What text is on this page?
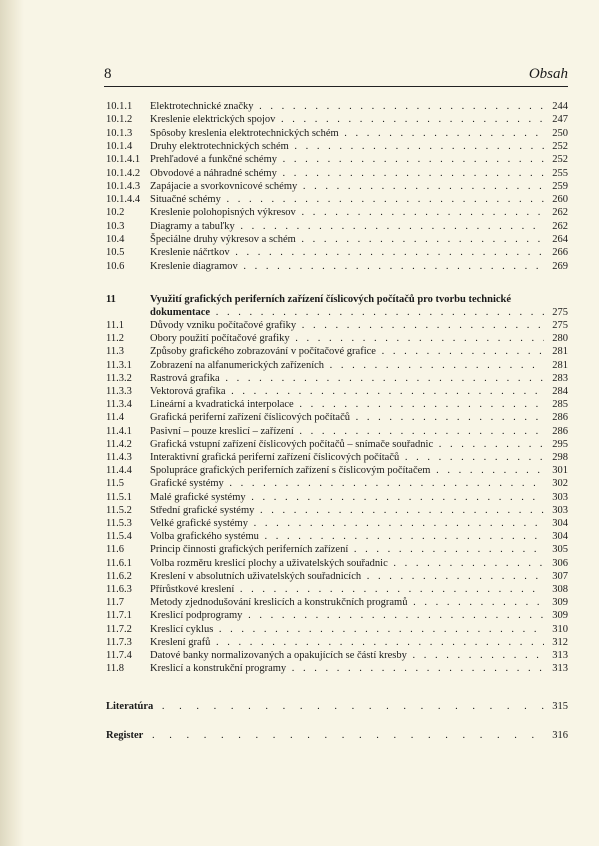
8	Obsah
10.1.1 Elektrotechnické značky . . .	244
10.1.2 Kreslenie elektrických spojov . . .	247
10.1.3 Spôsoby kreslenia elektrotechnických schém . . .	250
10.1.4 Druhy elektrotechnických schém . . .	252
10.1.4.1 Prehľadové a funkčné schémy . . .	252
10.1.4.2 Obvodové a náhradné schémy . . .	255
10.1.4.3 Zapájacie a svorkovnicové schémy . . .	259
10.1.4.4 Situačné schémy . . .	260
10.2 Kreslenie polohopisných výkresov . . .	262
10.3 Diagramy a tabuľky . . .	262
10.4 Špeciálne druhy výkresov a schém . . .	264
10.5 Kreslenie náčrtkov . . .	266
10.6 Kreslenie diagramov . . .	269
11	Využití grafických periferních zařízení číslicových počítačů pro tvorbu technické
dokumentace . . .	275
11.1 Důvody vzniku počítačové grafiky . . .	275
11.2 Obory použití počítačové grafiky . . .	280
11.3 Způsoby grafického zobrazování v počítačové grafice . . .	281
11.3.1 Zobrazení na alfanumerických zařízeních . . .	281
11.3.2 Rastrová grafika . . .	283
11.3.3 Vektorová grafika . . .	284
11.3.4 Lineární a kvadratická interpolace . . .	285
11.4 Grafická periferní zařízení číslicových počítačů . . .	286
11.4.1 Pasivní – pouze kreslicí – zařízení . . .	286
11.4.2 Grafická vstupní zařízení číslicových počítačů – snímače souřadnic . . .	295
11.4.3 Interaktivní grafická periferní zařízení číslicových počítačů . . .	298
11.4.4 Spolupráce grafických periferních zařízení s číslicovým počítačem . . .	301
11.5 Grafické systémy . . .	302
11.5.1 Malé grafické systémy . . .	303
11.5.2 Střední grafické systémy . . .	303
11.5.3 Velké grafické systémy . . .	304
11.5.4 Volba grafického systému . . .	304
11.6 Princip činnosti grafických periferních zařízení . . .	305
11.6.1 Volba rozměru kreslicí plochy a uživatelských souřadnic . . .	306
11.6.2 Kreslení v absolutních uživatelských souřadnicích . . .	307
11.6.3 Přírůstkové kreslení . . .	308
11.7 Metody zjednodušování kreslicích a konstrukčních programů . . .	309
11.7.1 Kreslicí podprogramy . . .	309
11.7.2 Kreslicí cyklus . . .	310
11.7.3 Kreslení grafů . . .	312
11.7.4 Datové banky normalizovaných a opakujících se částí kresby . . .	313
11.8 Kreslicí a konstrukční programy . . .	313
Literatúra . . .	315
Register . . .	316
